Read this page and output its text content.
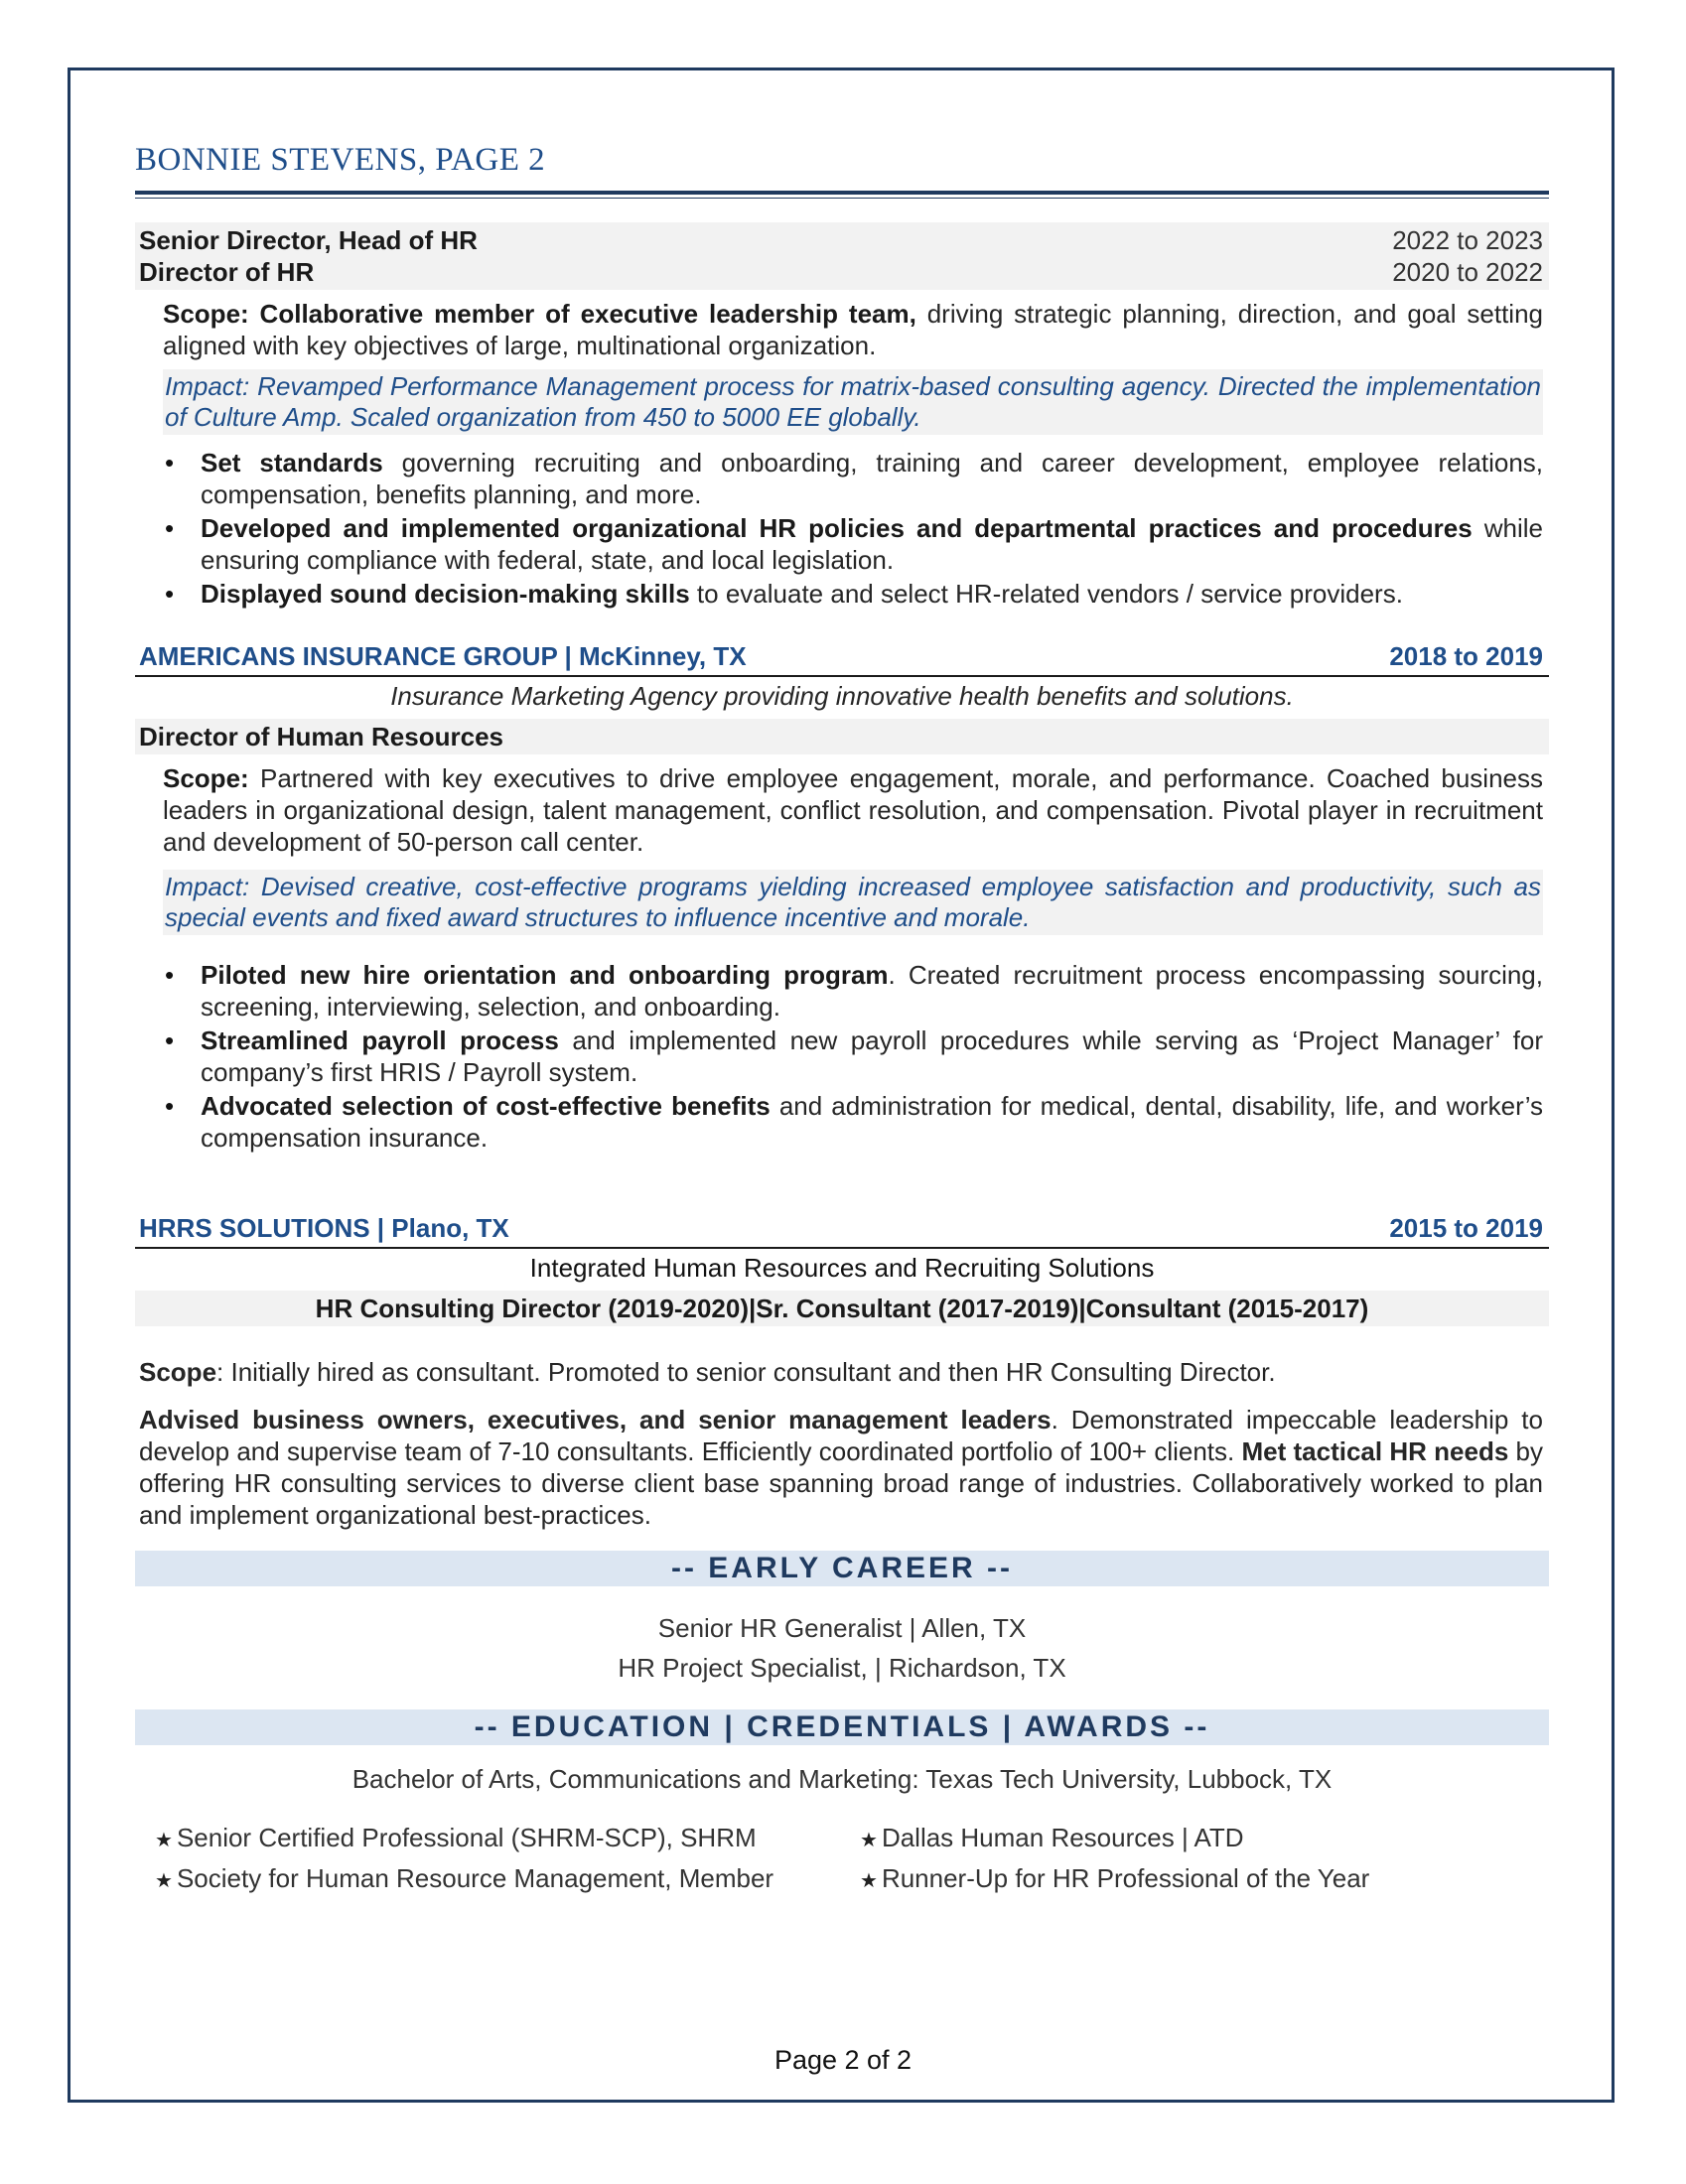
BONNIE STEVENS, PAGE 2
Senior Director, Head of HR	2022 to 2023
Director of HR	2020 to 2022

Scope: Collaborative member of executive leadership team, driving strategic planning, direction, and goal setting aligned with key objectives of large, multinational organization.

Impact: Revamped Performance Management process for matrix-based consulting agency. Directed the implementation of Culture Amp. Scaled organization from 450 to 5000 EE globally.

• Set standards governing recruiting and onboarding, training and career development, employee relations, compensation, benefits planning, and more.
• Developed and implemented organizational HR policies and departmental practices and procedures while ensuring compliance with federal, state, and local legislation.
• Displayed sound decision-making skills to evaluate and select HR-related vendors / service providers.
AMERICANS INSURANCE GROUP | McKinney, TX	2018 to 2019
Insurance Marketing Agency providing innovative health benefits and solutions.
Director of Human Resources

Scope: Partnered with key executives to drive employee engagement, morale, and performance. Coached business leaders in organizational design, talent management, conflict resolution, and compensation. Pivotal player in recruitment and development of 50-person call center.

Impact: Devised creative, cost-effective programs yielding increased employee satisfaction and productivity, such as special events and fixed award structures to influence incentive and morale.

• Piloted new hire orientation and onboarding program. Created recruitment process encompassing sourcing, screening, interviewing, selection, and onboarding.
• Streamlined payroll process and implemented new payroll procedures while serving as ‘Project Manager’ for company’s first HRIS / Payroll system.
• Advocated selection of cost-effective benefits and administration for medical, dental, disability, life, and worker’s compensation insurance.
HRRS SOLUTIONS | Plano, TX	2015 to 2019
Integrated Human Resources and Recruiting Solutions
HR Consulting Director (2019-2020)|Sr. Consultant (2017-2019)|Consultant (2015-2017)

Scope: Initially hired as consultant. Promoted to senior consultant and then HR Consulting Director.

Advised business owners, executives, and senior management leaders. Demonstrated impeccable leadership to develop and supervise team of 7-10 consultants. Efficiently coordinated portfolio of 100+ clients. Met tactical HR needs by offering HR consulting services to diverse client base spanning broad range of industries. Collaboratively worked to plan and implement organizational best-practices.

-- EARLY CAREER --
Senior HR Generalist | Allen, TX
HR Project Specialist, | Richardson, TX
-- EDUCATION | CREDENTIALS | AWARDS --
Bachelor of Arts, Communications and Marketing: Texas Tech University, Lubbock, TX
★ Senior Certified Professional (SHRM-SCP), SHRM	★ Dallas Human Resources | ATD
★ Society for Human Resource Management, Member	★ Runner-Up for HR Professional of the Year
Page 2 of 2
